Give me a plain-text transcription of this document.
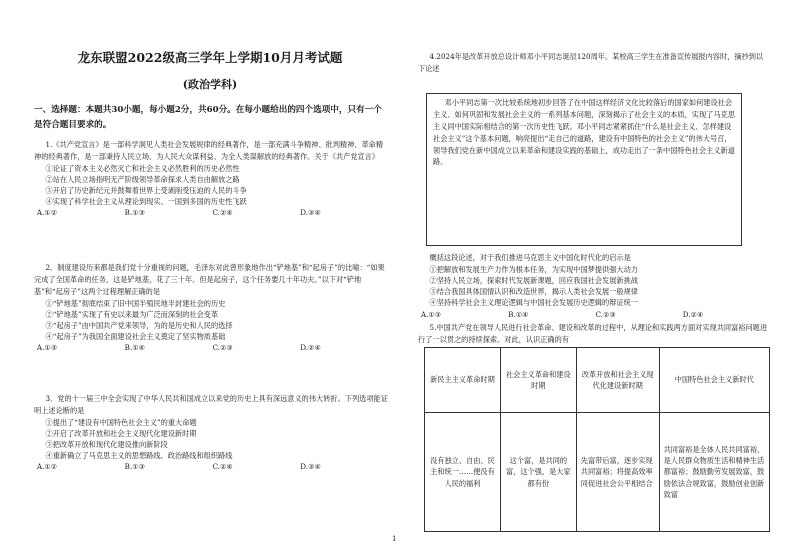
龙东联盟2022级高三学年上学期10月月考试题
(政治学科)
一、选择题：本题共30小题，每小题2分，共60分。在每小题给出的四个选项中，只有一个是符合题目要求的。

1.《共产党宣言》是一部科学洞见人类社会发展规律的经典著作，是一部充满斗争精神、批判精神、革命精神的经典著作，是一部秉持人民立场、为人民大众谋利益、为全人类谋解放的经典著作。关于《共产党宣言》

①论证了资本主义必然灭亡和社会主义必然胜利的历史必然性

②站在人民立场指明无产阶级领导革命探求人类自由解放之路

③开启了历史新纪元并鼓舞着世界上受剥削受压迫的人民的斗争

④实现了科学社会主义从理论到现实、一国到多国的历史性飞跃

A.①②	B.①③	C.②④	D.③④

2．制度建设历来都是我们党十分重视的问题，毛泽东对此曾形象地作出“铲地基”和“起房子”的比喻：“如果完成了全国革命的任务，这是铲地基，花了三十年。但是起房子，这个任务要几十年功夫。”以下对“铲地基”和“起房子”这两个过程理解正确的是

①“铲地基”彻底结束了旧中国半殖民地半封建社会的历史

②“铲地基”实现了有史以来最为广泛而深刻的社会变革

③“起房子”由中国共产党来领导，为的是历史和人民的选择

④“起房子”为我国全面建设社会主义奠定了坚实物质基础

A.①③	B.①④	C.②③	D.②④

3．党的十一届三中全会实现了中华人民共和国成立以来党的历史上具有深远意义的伟大转折。下列选项能证明上述论断的是

①提出了“建设有中国特色社会主义”的重大命题

②开启了改革开放和社会主义现代化建设新时期

③把改革开放和现代化建设推向新阶段

④重新确立了马克思主义的思想路线、政治路线和组织路线

A.①②	B.①③	C.②④	D.③④

4.2024年是改革开放总设计师邓小平同志诞辰120周年。某校高三学生在准备宣传展报内容时，摘抄到以下论述

邓小平同志第一次比较系统地初步回答了在中国这样经济文化比较落后的国家如何建设社会主义、如何巩固和发展社会主义的一系列基本问题，深刻揭示了社会主义的本质，实现了马克思主义同中国实际相结合的第一次历史性飞跃。邓小平同志紧紧抓住“什么是社会主义、怎样建设社会主义”这个基本问题，响亮提出“走自己的道路，建设有中国特色的社会主义”的伟大号召，领导我们党在新中国成立以来革命和建设实践的基础上，成功走出了一条中国特色社会主义新道路。

概括这段论述，对于我们推进马克思主义中国化时代化的启示是

①把解放和发展生产力作为根本任务，为实现中国梦提供强大动力

②坚持人民立场，探索时代发展新课题，回应我国社会发展新挑战

③结合我国具体国情认识和改造世界，揭示人类社会发展一般规律

④坚持科学社会主义理论逻辑与中国社会发展历史逻辑的辩证统一

A.①③	B.①④	C.②③	D.②④

5.中国共产党在领导人民进行社会革命、建设和改革的过程中，从理论和实践两方面对实现共同富裕问题进行了一以贯之的持续探索。对此，认识正确的有

新民主主义革命时期	社会主义革命和建设时期	改革开放和社会主义现代化建设新时期	中国特色社会主义新时代
没有独立、自由、民主和统一……便没有人民的福利	这个富，是共同的富，这个强，是大家都有份	先富带后富，逐步实现共同富裕；将提高效率同促进社会公平相结合	共同富裕是全体人民共同富裕，是人民群众物质生活和精神生活都富裕；鼓励勤劳发展致富，鼓励依法合规致富，鼓励创业创新致富
1
